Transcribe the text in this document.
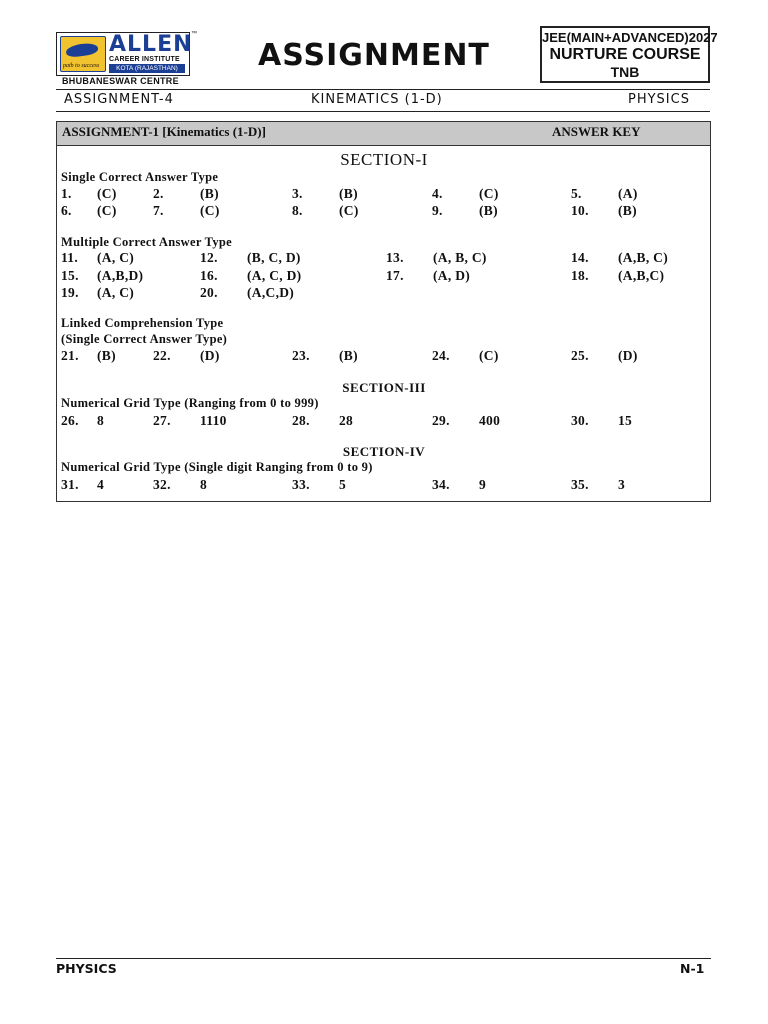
path to success
ALLEN
™
CAREER INSTITUTE
KOTA (RAJASTHAN)
BHUBANESWAR CENTRE
ASSIGNMENT
JEE(MAIN+ADVANCED)2027
NURTURE COURSE
TNB
ASSIGNMENT-4	KINEMATICS (1-D)	PHYSICS
ASSIGNMENT-1 [Kinematics (1-D)]	ANSWER KEY
SECTION-I
Single Correct Answer Type
1. (C)	2.	(B)	3.	(B)	4.	(C)	5.	(A)
6. (C)	7.	(C)	8.	(C)	9.	(B)	10. (B)
Multiple Correct Answer Type
11. (A, C)	12. (B, C, D)	13. (A, B, C)	14. (A,B, C)
15. (A,B,D)	16. (A, C, D)	17. (A, D)	18. (A,B,C)
19. (A, C)	20. (A,C,D)
Linked Comprehension Type
(Single Correct Answer Type)
21. (B)	22. (D)	23. (B)	24. (C)	25. (D)
SECTION-III
Numerical Grid Type (Ranging from 0 to 999)
26. 8	27. 1110	28. 28	29. 400	30. 15
SECTION-IV
Numerical Grid Type (Single digit Ranging from 0 to 9)
31. 4	32. 8	33. 5	34. 9	35. 3
PHYSICS	N-1
